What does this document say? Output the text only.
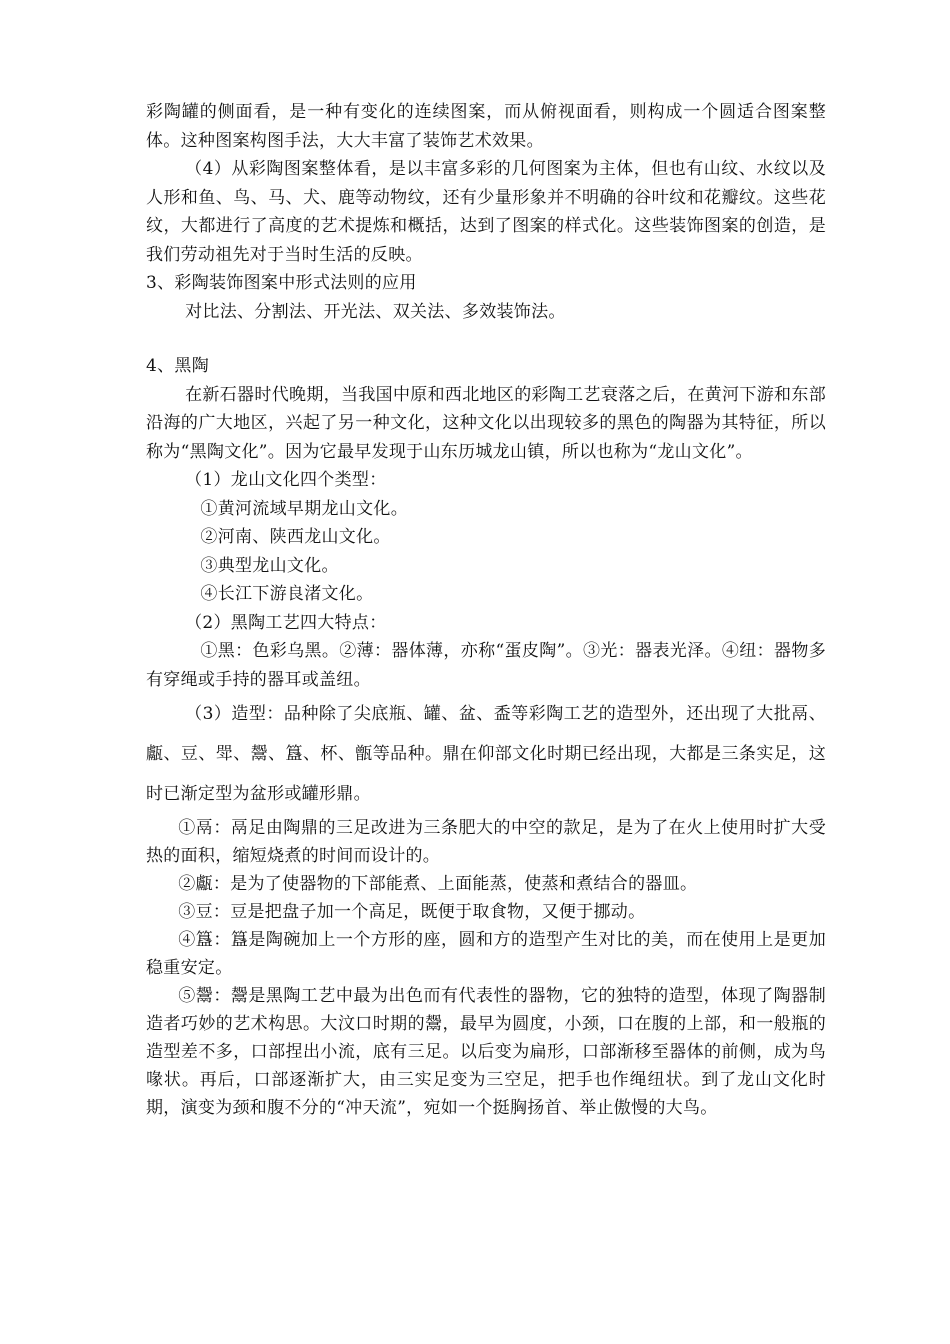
彩陶罐的侧面看，是一种有变化的连续图案，而从俯视面看，则构成一个圆适合图案整体。这种图案构图手法，大大丰富了装饰艺术效果。

（4）从彩陶图案整体看，是以丰富多彩的几何图案为主体，但也有山纹、水纹以及人形和鱼、鸟、马、犬、鹿等动物纹，还有少量形象并不明确的谷叶纹和花瓣纹。这些花纹，大都进行了高度的艺术提炼和概括，达到了图案的样式化。这些装饰图案的创造，是我们劳动祖先对于当时生活的反映。

3、彩陶装饰图案中形式法则的应用

对比法、分割法、开光法、双关法、多效装饰法。

4、黑陶

在新石器时代晚期，当我国中原和西北地区的彩陶工艺衰落之后，在黄河下游和东部沿海的广大地区，兴起了另一种文化，这种文化以出现较多的黑色的陶器为其特征，所以称为“黑陶文化”。因为它最早发现于山东历城龙山镇，所以也称为“龙山文化”。

（1）龙山文化四个类型：

①黄河流域早期龙山文化。

②河南、陕西龙山文化。

③典型龙山文化。

④长江下游良渚文化。

（2）黑陶工艺四大特点：

①黑：色彩乌黑。②薄：器体薄，亦称“蛋皮陶”。③光：器表光泽。④纽：器物多有穿绳或手持的器耳或盖纽。

（3）造型：品种除了尖底瓶、罐、盆、盉等彩陶工艺的造型外，还出现了大批鬲、甗、豆、斝、鬶、簋、杯、甑等品种。鼎在仰部文化时期已经出现，大都是三条实足，这时已渐定型为盆形或罐形鼎。

①鬲：鬲足由陶鼎的三足改进为三条肥大的中空的款足，是为了在火上使用时扩大受热的面积，缩短烧煮的时间而设计的。

②甗：是为了使器物的下部能煮、上面能蒸，使蒸和煮结合的器皿。

③豆：豆是把盘子加一个高足，既便于取食物，又便于挪动。

④簋：簋是陶碗加上一个方形的座，圆和方的造型产生对比的美，而在使用上是更加稳重安定。

⑤鬶：鬶是黑陶工艺中最为出色而有代表性的器物，它的独特的造型，体现了陶器制造者巧妙的艺术构思。大汶口时期的鬶，最早为圆度，小颈，口在腹的上部，和一般瓶的造型差不多，口部捏出小流，底有三足。以后变为扁形，口部渐移至器体的前侧，成为鸟喙状。再后，口部逐渐扩大，由三实足变为三空足，把手也作绳纽状。到了龙山文化时期，演变为颈和腹不分的“冲天流”，宛如一个挺胸扬首、举止傲慢的大鸟。
